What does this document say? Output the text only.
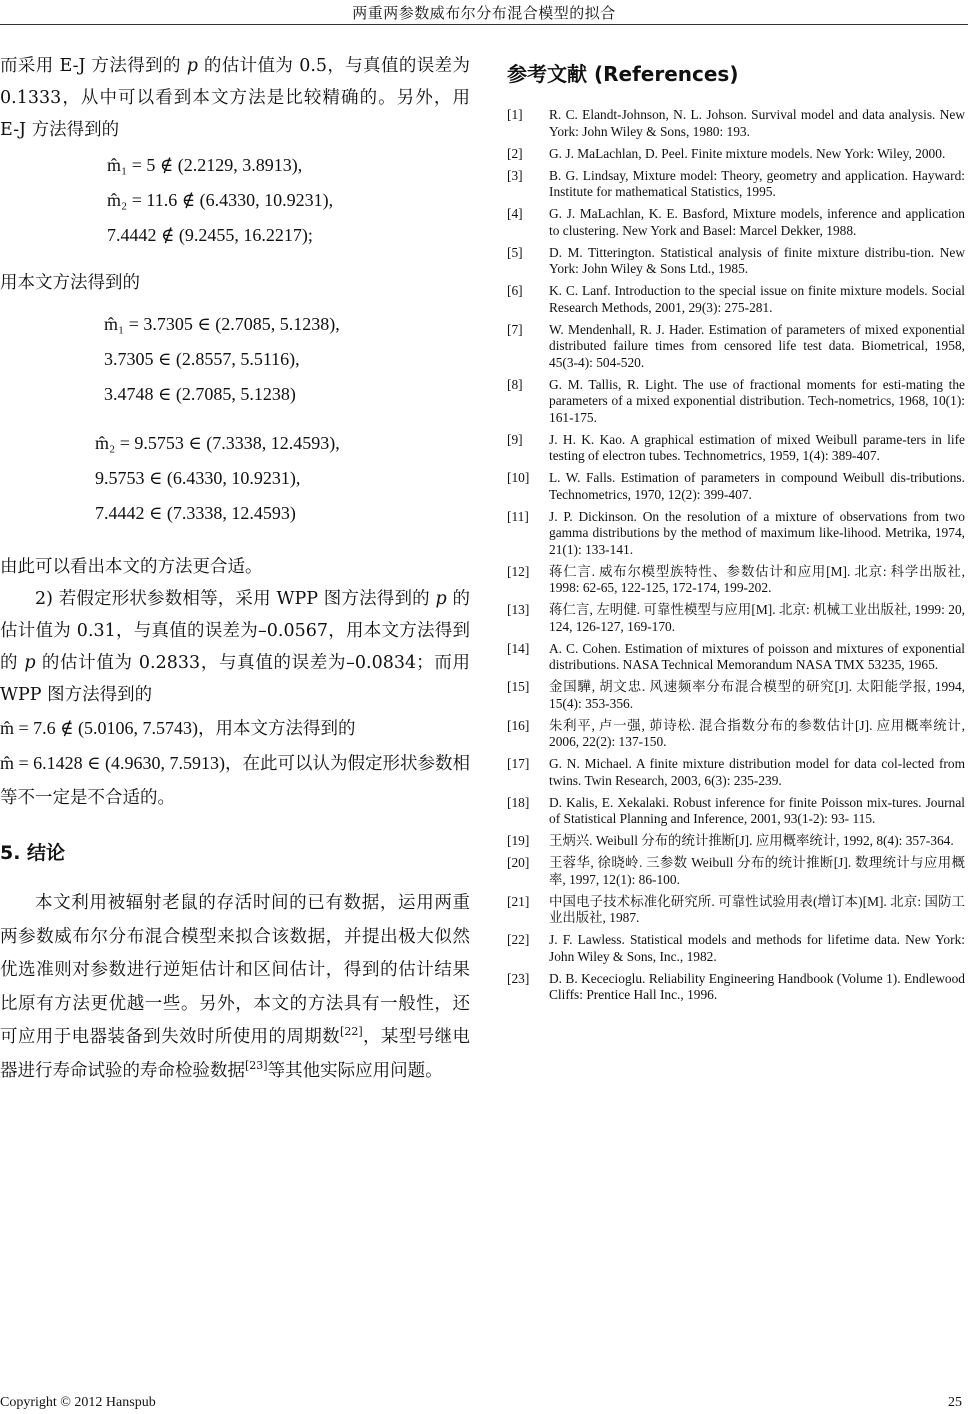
两重两参数威布尔分布混合模型的拟合

而采用 E-J 方法得到的 p 的估计值为 0.5，与真值的误差为 0.1333，从中可以看到本文方法是比较精确的。另外，用 E-J 方法得到的

m̂₁ = 5 ∉ (2.2129, 3.8913),
m̂₂ = 11.6 ∉ (6.4330, 10.9231),
7.4442 ∉ (9.2455, 16.2217);

用本文方法得到的

m̂₁ = 3.7305 ∈ (2.7085, 5.1238),
3.7305 ∈ (2.8557, 5.5116),
3.4748 ∈ (2.7085, 5.1238)
m̂₂ = 9.5753 ∈ (7.3338, 12.4593),
9.5753 ∈ (6.4330, 10.9231),
7.4442 ∈ (7.3338, 12.4593)

由此可以看出本文的方法更合适。

2) 若假定形状参数相等，采用 WPP 图方法得到的 p 的估计值为 0.31，与真值的误差为–0.0567，用本文方法得到的 p 的估计值为 0.2833，与真值的误差为–0.0834；而用 WPP 图方法得到的

m̂ = 7.6 ∉ (5.0106, 7.5743)，用本文方法得到的
m̂ = 6.1428 ∈ (4.9630, 7.5913)，在此可以认为假定形状参数相等不一定是不合适的。

5. 结论

本文利用被辐射老鼠的存活时间的已有数据，运用两重两参数威布尔分布混合模型来拟合该数据，并提出极大似然优选准则对参数进行逆矩估计和区间估计，得到的估计结果比原有方法更优越一些。另外，本文的方法具有一般性，还可应用于电器装备到失效时所使用的周期数[22]，某型号继电器进行寿命试验的寿命检验数据[23]等其他实际应用问题。

参考文献 (References)
[1]	R. C. Elandt-Johnson, N. L. Johson. Survival model and data analysis. New York: John Wiley & Sons, 1980: 193.
[2]	G. J. MaLachlan, D. Peel. Finite mixture models. New York: Wiley, 2000.
[3]	B. G. Lindsay, Mixture model: Theory, geometry and application. Hayward: Institute for mathematical Statistics, 1995.
[4]	G. J. MaLachlan, K. E. Basford, Mixture models, inference and application to clustering. New York and Basel: Marcel Dekker, 1988.
[5]	D. M. Titterington. Statistical analysis of finite mixture distribu-tion. New York: John Wiley & Sons Ltd., 1985.
[6]	K. C. Lanf. Introduction to the special issue on finite mixture models. Social Research Methods, 2001, 29(3): 275-281.
[7]	W. Mendenhall, R. J. Hader. Estimation of parameters of mixed exponential distributed failure times from censored life test data. Biometrical, 1958, 45(3-4): 504-520.
[8]	G. M. Tallis, R. Light. The use of fractional moments for esti-mating the parameters of a mixed exponential distribution. Tech-nometrics, 1968, 10(1): 161-175.
[9]	J. H. K. Kao. A graphical estimation of mixed Weibull parame-ters in life testing of electron tubes. Technometrics, 1959, 1(4): 389-407.
[10]	L. W. Falls. Estimation of parameters in compound Weibull dis-tributions. Technometrics, 1970, 12(2): 399-407.
[11]	J. P. Dickinson. On the resolution of a mixture of observations from two gamma distributions by the method of maximum like-lihood. Metrika, 1974, 21(1): 133-141.
[12]	蒋仁言. 威布尔模型族特性、参数估计和应用[M]. 北京: 科学出版社, 1998: 62-65, 122-125, 172-174, 199-202.
[13]	蒋仁言, 左明健. 可靠性模型与应用[M]. 北京: 机械工业出版社, 1999: 20, 124, 126-127, 169-170.
[14]	A. C. Cohen. Estimation of mixtures of poisson and mixtures of exponential distributions. NASA Technical Memorandum NASA TMX 53235, 1965.
[15]	金国驊, 胡文忠. 风速频率分布混合模型的研究[J]. 太阳能学报, 1994, 15(4): 353-356.
[16]	朱利平, 卢一强, 茆诗松. 混合指数分布的参数估计[J]. 应用概率统计, 2006, 22(2): 137-150.
[17]	G. N. Michael. A finite mixture distribution model for data col-lected from twins. Twin Research, 2003, 6(3): 235-239.
[18]	D. Kalis, E. Xekalaki. Robust inference for finite Poisson mix-tures. Journal of Statistical Planning and Inference, 2001, 93(1-2): 93- 115.
[19]	王炳兴. Weibull 分布的统计推断[J]. 应用概率统计, 1992, 8(4): 357-364.
[20]	王蓉华, 徐晓岭. 三参数 Weibull 分布的统计推断[J]. 数理统计与应用概率, 1997, 12(1): 86-100.
[21]	中国电子技术标准化研究所. 可靠性试验用表(增订本)[M]. 北京: 国防工业出版社, 1987.
[22]	J. F. Lawless. Statistical models and methods for lifetime data. New York: John Wiley & Sons, Inc., 1982.
[23]	D. B. Kececioglu. Reliability Engineering Handbook (Volume 1). Endlewood Cliffs: Prentice Hall Inc., 1996.
Copyright © 2012 Hanspub	25
